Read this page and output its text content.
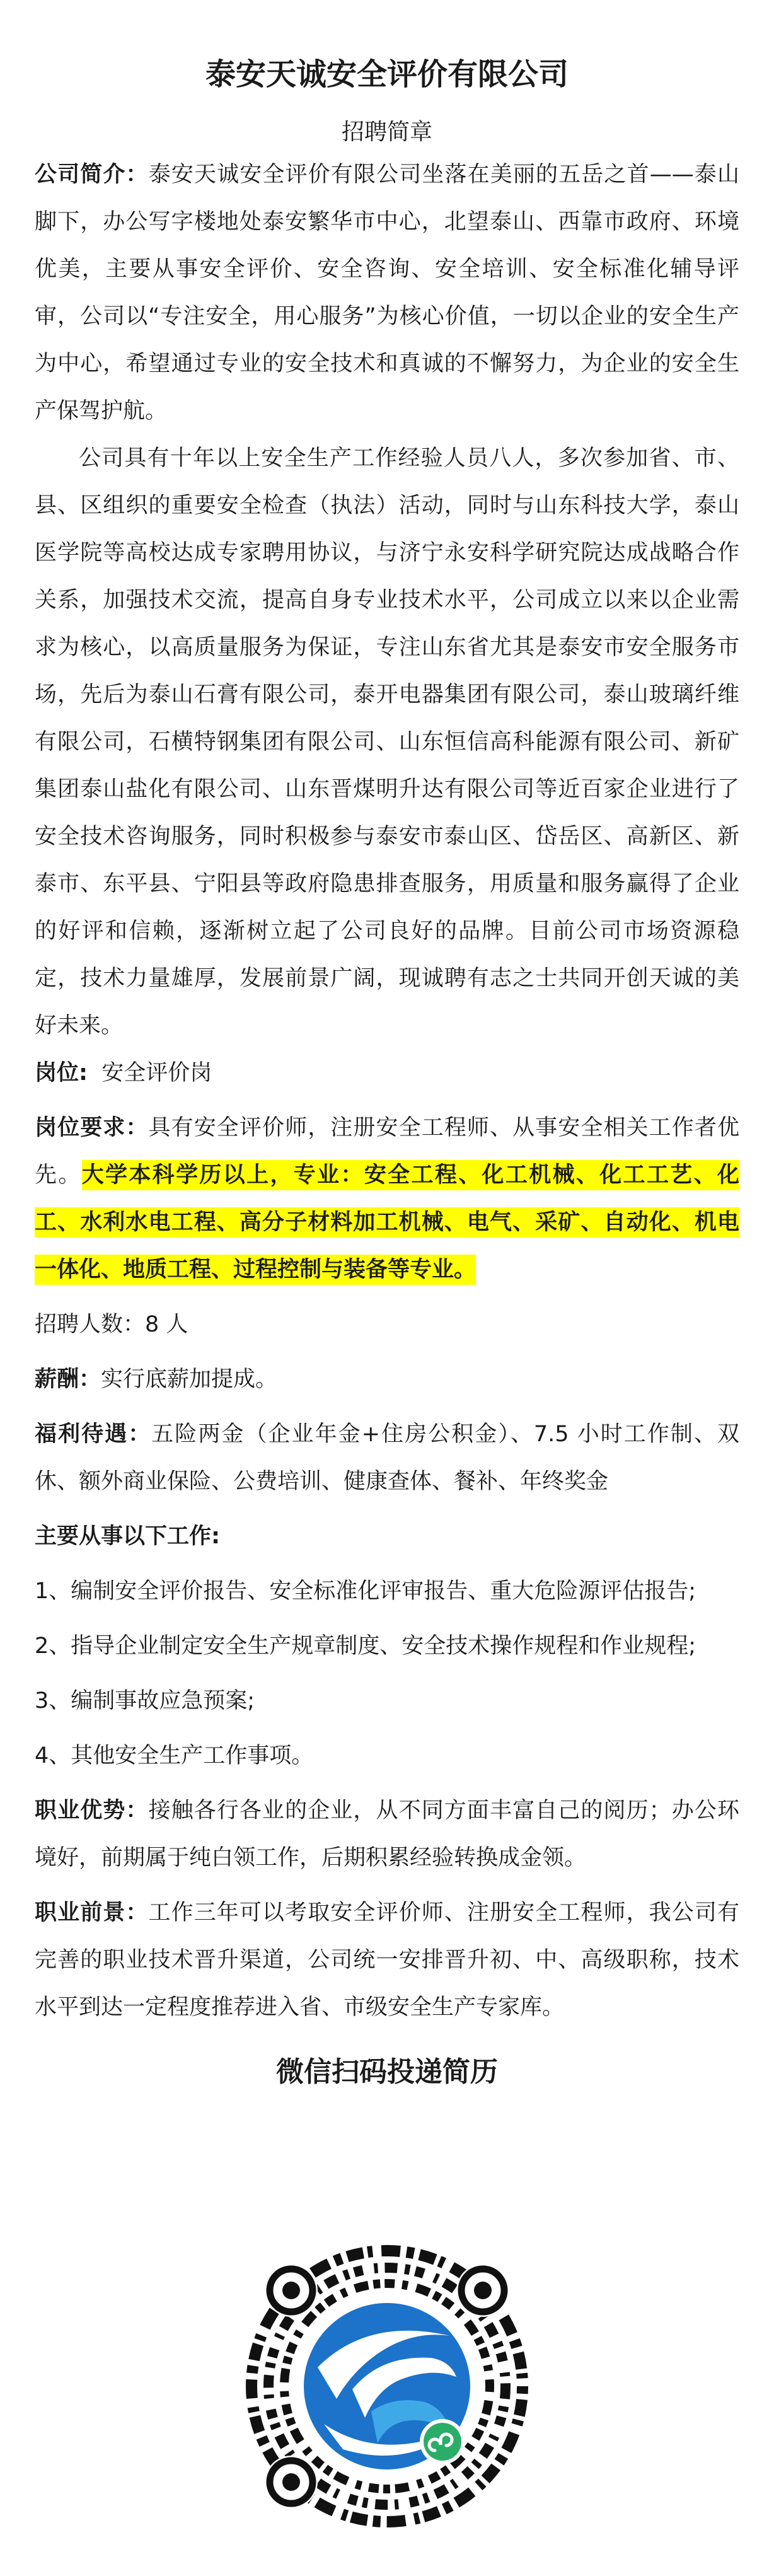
泰安天诚安全评价有限公司
招聘简章

公司简介：泰安天诚安全评价有限公司坐落在美丽的五岳之首——泰山脚下，办公写字楼地处泰安繁华市中心，北望泰山、西靠市政府、环境优美，主要从事安全评价、安全咨询、安全培训、安全标准化辅导评审，公司以“专注安全，用心服务”为核心价值，一切以企业的安全生产为中心，希望通过专业的安全技术和真诚的不懈努力，为企业的安全生产保驾护航。

公司具有十年以上安全生产工作经验人员八人，多次参加省、市、县、区组织的重要安全检查（执法）活动，同时与山东科技大学，泰山医学院等高校达成专家聘用协议，与济宁永安科学研究院达成战略合作关系，加强技术交流，提高自身专业技术水平，公司成立以来以企业需求为核心，以高质量服务为保证，专注山东省尤其是泰安市安全服务市场，先后为泰山石膏有限公司，泰开电器集团有限公司，泰山玻璃纤维有限公司，石横特钢集团有限公司、山东恒信高科能源有限公司、新矿集团泰山盐化有限公司、山东晋煤明升达有限公司等近百家企业进行了安全技术咨询服务，同时积极参与泰安市泰山区、岱岳区、高新区、新泰市、东平县、宁阳县等政府隐患排查服务，用质量和服务赢得了企业的好评和信赖，逐渐树立起了公司良好的品牌。目前公司市场资源稳定，技术力量雄厚，发展前景广阔，现诚聘有志之士共同开创天诚的美好未来。

岗位: 安全评价岗

岗位要求：具有安全评价师，注册安全工程师、从事安全相关工作者优先。大学本科学历以上，专业：安全工程、化工机械、化工工艺、化工、水利水电工程、高分子材料加工机械、电气、采矿、自动化、机电一体化、地质工程、过程控制与装备等专业。

招聘人数：8 人

薪酬：实行底薪加提成。

福利待遇：五险两金（企业年金+住房公积金）、7.5 小时工作制、双休、额外商业保险、公费培训、健康查体、餐补、年终奖金

主要从事以下工作:

1、编制安全评价报告、安全标准化评审报告、重大危险源评估报告;

2、指导企业制定安全生产规章制度、安全技术操作规程和作业规程;

3、编制事故应急预案;

4、其他安全生产工作事项。

职业优势：接触各行各业的企业，从不同方面丰富自己的阅历；办公环境好，前期属于纯白领工作，后期积累经验转换成金领。

职业前景：工作三年可以考取安全评价师、注册安全工程师，我公司有完善的职业技术晋升渠道，公司统一安排晋升初、中、高级职称，技术水平到达一定程度推荐进入省、市级安全生产专家库。

微信扫码投递简历
